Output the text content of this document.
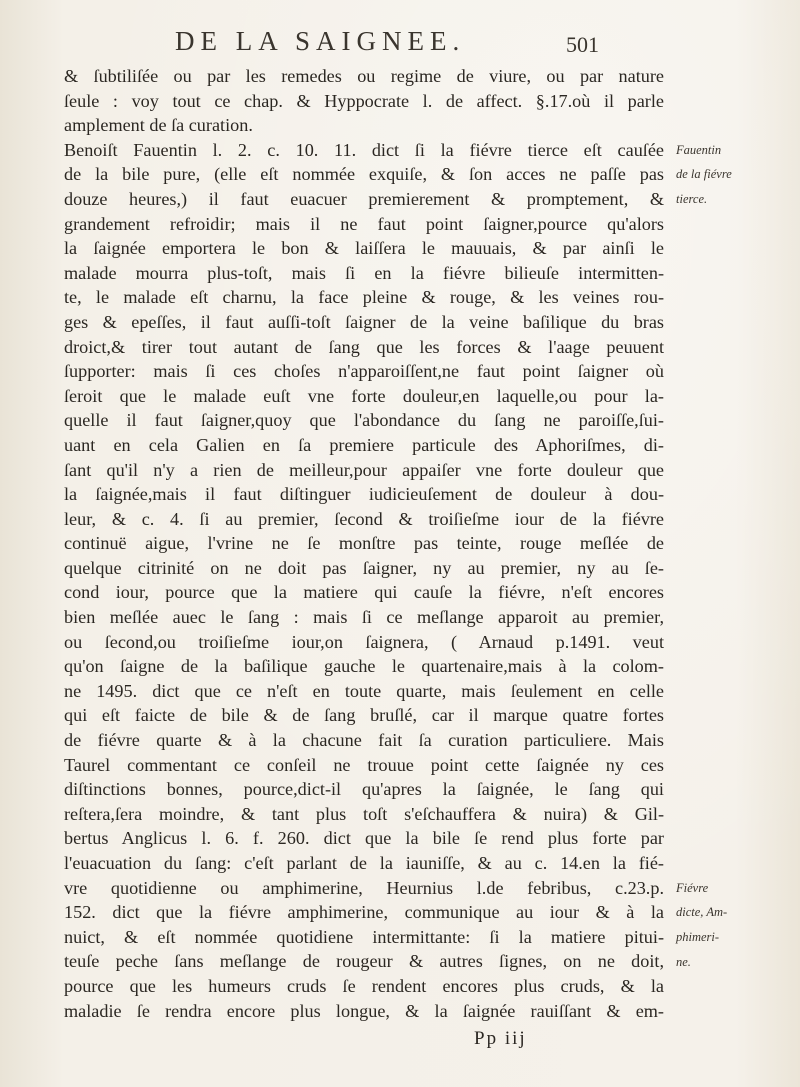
DE LA SAIGNEE.	501
& ſubtiliſée ou par les remedes ou regime de viure, ou par nature
ſeule : voy tout ce chap. & Hyppocrate l. de affect. §.17.où il parle
amplement de ſa curation.
Benoiſt Fauentin l. 2. c. 10. 11. dict ſi la fiévre tierce eſt cauſée
de la bile pure, (elle eſt nommée exquiſe, & ſon acces ne paſſe pas
douze heures,) il faut euacuer premierement & promptement, &
grandement refroidir; mais il ne faut point ſaigner,pource qu'alors
la ſaignée emportera le bon & laiſſera le mauuais, & par ainſi le
malade mourra plus-toſt, mais ſi en la fiévre bilieuſe intermitten-
te, le malade eſt charnu, la face pleine & rouge, & les veines rou-
ges & epeſſes, il faut auſſi-toſt ſaigner de la veine baſilique du bras
droict,& tirer tout autant de ſang que les forces & l'aage peuuent
ſupporter: mais ſi ces choſes n'apparoiſſent,ne faut point ſaigner où
ſeroit que le malade euſt vne forte douleur,en laquelle,ou pour la-
quelle il faut ſaigner,quoy que l'abondance du ſang ne paroiſſe,ſui-
uant en cela Galien en ſa premiere particule des Aphoriſmes, di-
ſant qu'il n'y a rien de meilleur,pour appaiſer vne forte douleur que
la ſaignée,mais il faut diſtinguer iudicieuſement de douleur à dou-
leur, & c. 4. ſi au premier, ſecond & troiſieſme iour de la fiévre
continuë aigue, l'vrine ne ſe monſtre pas teinte, rouge meſlée de
quelque citrinité on ne doit pas ſaigner, ny au premier, ny au ſe-
cond iour, pource que la matiere qui cauſe la fiévre, n'eſt encores
bien meſlée auec le ſang : mais ſi ce meſlange apparoit au premier,
ou ſecond,ou troiſieſme iour,on ſaignera, ( Arnaud p.1491. veut
qu'on ſaigne de la baſilique gauche le quartenaire,mais à la colom-
ne 1495. dict que ce n'eſt en toute quarte, mais ſeulement en celle
qui eſt faicte de bile & de ſang bruſlé, car il marque quatre fortes
de fiévre quarte & à la chacune fait ſa curation particuliere. Mais
Taurel commentant ce conſeil ne trouue point cette ſaignée ny ces
diſtinctions bonnes, pource,dict-il qu'apres la ſaignée, le ſang qui
reſtera,ſera moindre, & tant plus toſt s'eſchauffera & nuira) & Gil-
bertus Anglicus l. 6. f. 260. dict que la bile ſe rend plus forte par
l'euacuation du ſang: c'eſt parlant de la iauniſſe, & au c. 14.en la fié-
vre quotidienne ou amphimerine, Heurnius l.de febribus, c.23.p.
152. dict que la fiévre amphimerine, communique au iour & à la
nuict, & eſt nommée quotidiene intermittante: ſi la matiere pitui-
teuſe peche ſans meſlange de rougeur & autres ſignes, on ne doit,
pource que les humeurs cruds ſe rendent encores plus cruds, & la
maladie ſe rendra encore plus longue, & la ſaignée rauiſſant & em-
Fauentin
de la fiévre
tierce.
Fiévre
dicte, Am-
phimeri-
ne.
Pp iij
